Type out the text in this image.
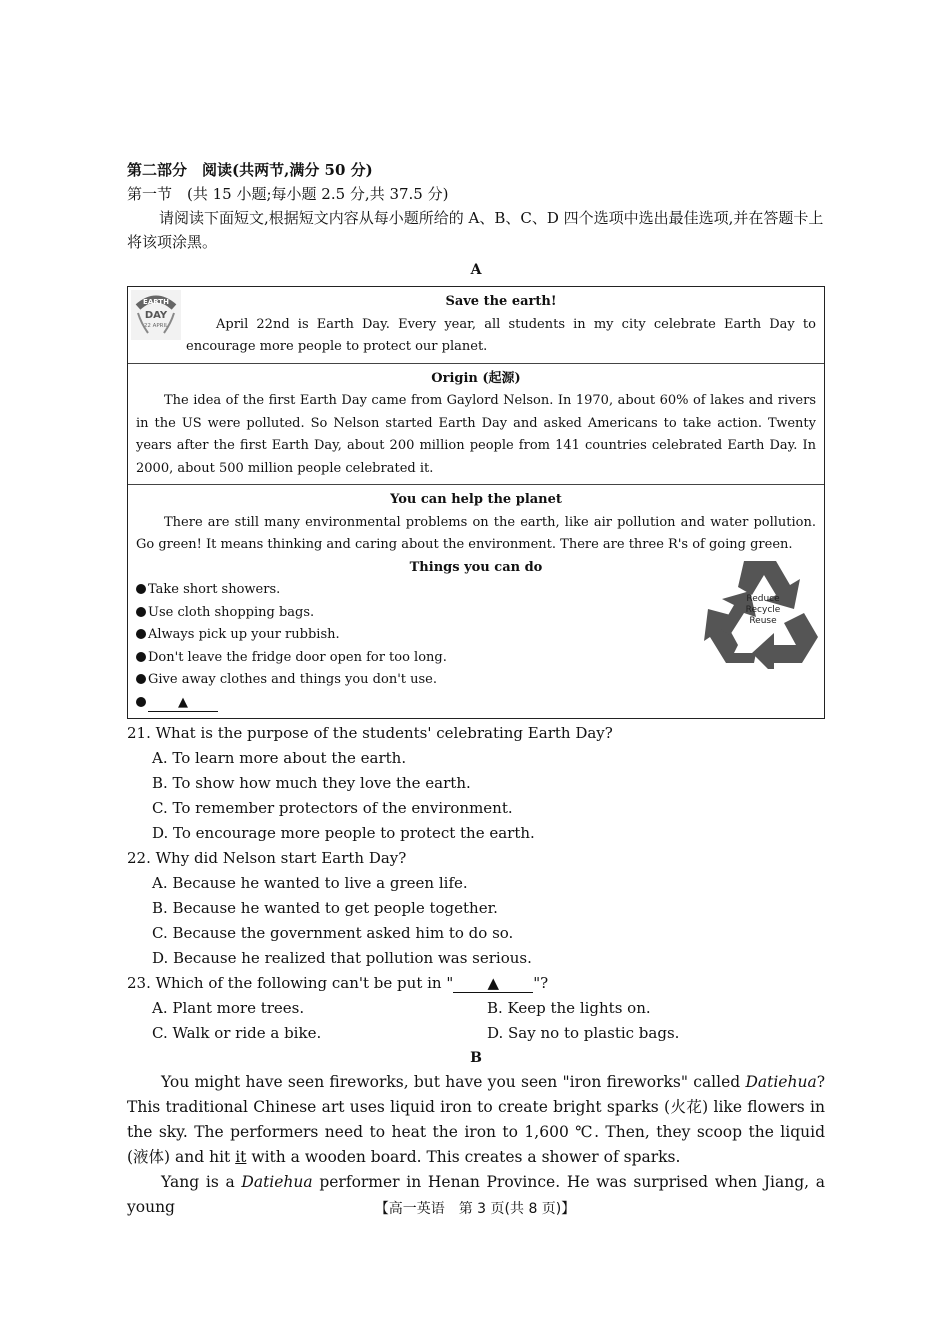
第二部分　阅读(共两节,满分 50 分)

第一节　(共 15 小题;每小题 2.5 分,共 37.5 分)

请阅读下面短文,根据短文内容从每小题所给的 A、B、C、D 四个选项中选出最佳选项,并在答题卡上将该项涂黑。

A
EARTH
DAY
22 APRIL
Save the earth!

April 22nd is Earth Day. Every year, all students in my city celebrate Earth Day to encourage more people to protect our planet.

Origin (起源)

The idea of the first Earth Day came from Gaylord Nelson. In 1970, about 60% of lakes and rivers in the US were polluted. So Nelson started Earth Day and asked Americans to take action. Twenty years after the first Earth Day, about 200 million people from 141 countries celebrated Earth Day. In 2000, about 500 million people celebrated it.

You can help the planet

There are still many environmental problems on the earth, like air pollution and water pollution. Go green! It means thinking and caring about the environment. There are three R's of going green.

Things you can do
Take short showers.
Use cloth shopping bags.
Always pick up your rubbish.
Don't leave the fridge door open for too long.
Give away clothes and things you don't use.
▲
Reduce
Recycle
Reuse

21. What is the purpose of the students' celebrating Earth Day?

A. To learn more about the earth.

B. To show how much they love the earth.

C. To remember protectors of the environment.

D. To encourage more people to protect the earth.

22. Why did Nelson start Earth Day?

A. Because he wanted to live a green life.

B. Because he wanted to get people together.

C. Because the government asked him to do so.

D. Because he realized that pollution was serious.

23. Which of the following can't be put in " ▲ "?

A. Plant more trees.	B. Keep the lights on.
C. Walk or ride a bike.	D. Say no to plastic bags.
B

You might have seen fireworks, but have you seen "iron fireworks" called Datiehua? This traditional Chinese art uses liquid iron to create bright sparks (火花) like flowers in the sky. The performers need to heat the iron to 1,600 ℃. Then, they scoop the liquid (液体) and hit it with a wooden board. This creates a shower of sparks.

Yang is a Datiehua performer in Henan Province. He was surprised when Jiang, a young	【高一英语　第 3 页(共 8 页)】
